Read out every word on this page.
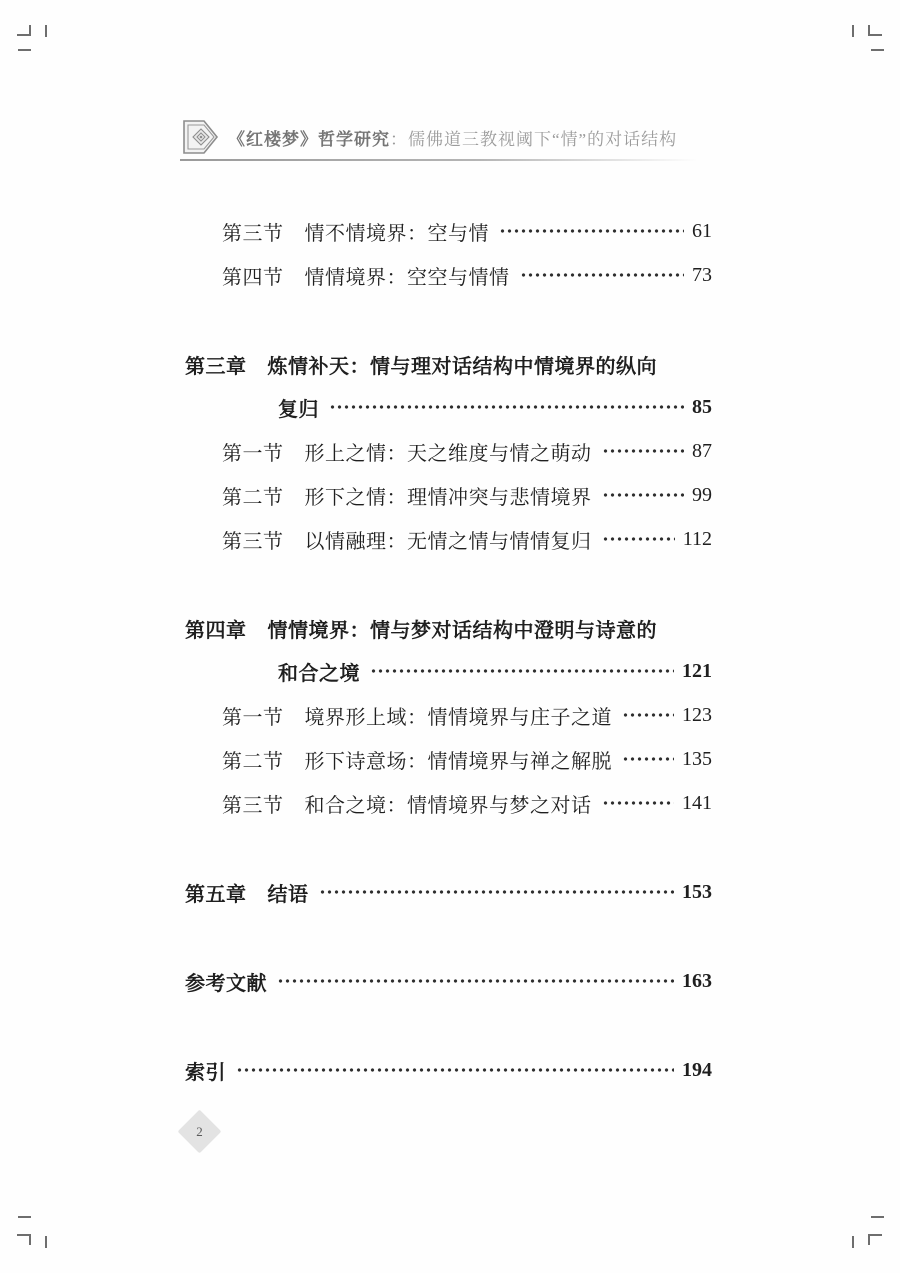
《红楼梦》哲学研究：儒佛道三教视阈下“情”的对话结构
第三节 情不情境界：空与情	61
第四节 情情境界：空空与情情	73
第三章 炼情补天：情与理对话结构中情境界的纵向
复归	85
第一节 形上之情：天之维度与情之萌动	87
第二节 形下之情：理情冲突与悲情境界	99
第三节 以情融理：无情之情与情情复归	112
第四章 情情境界：情与梦对话结构中澄明与诗意的
和合之境	121
第一节 境界形上域：情情境界与庄子之道	123
第二节 形下诗意场：情情境界与禅之解脱	135
第三节 和合之境：情情境界与梦之对话	141
第五章 结语	153
参考文献	163
索引	194
2
